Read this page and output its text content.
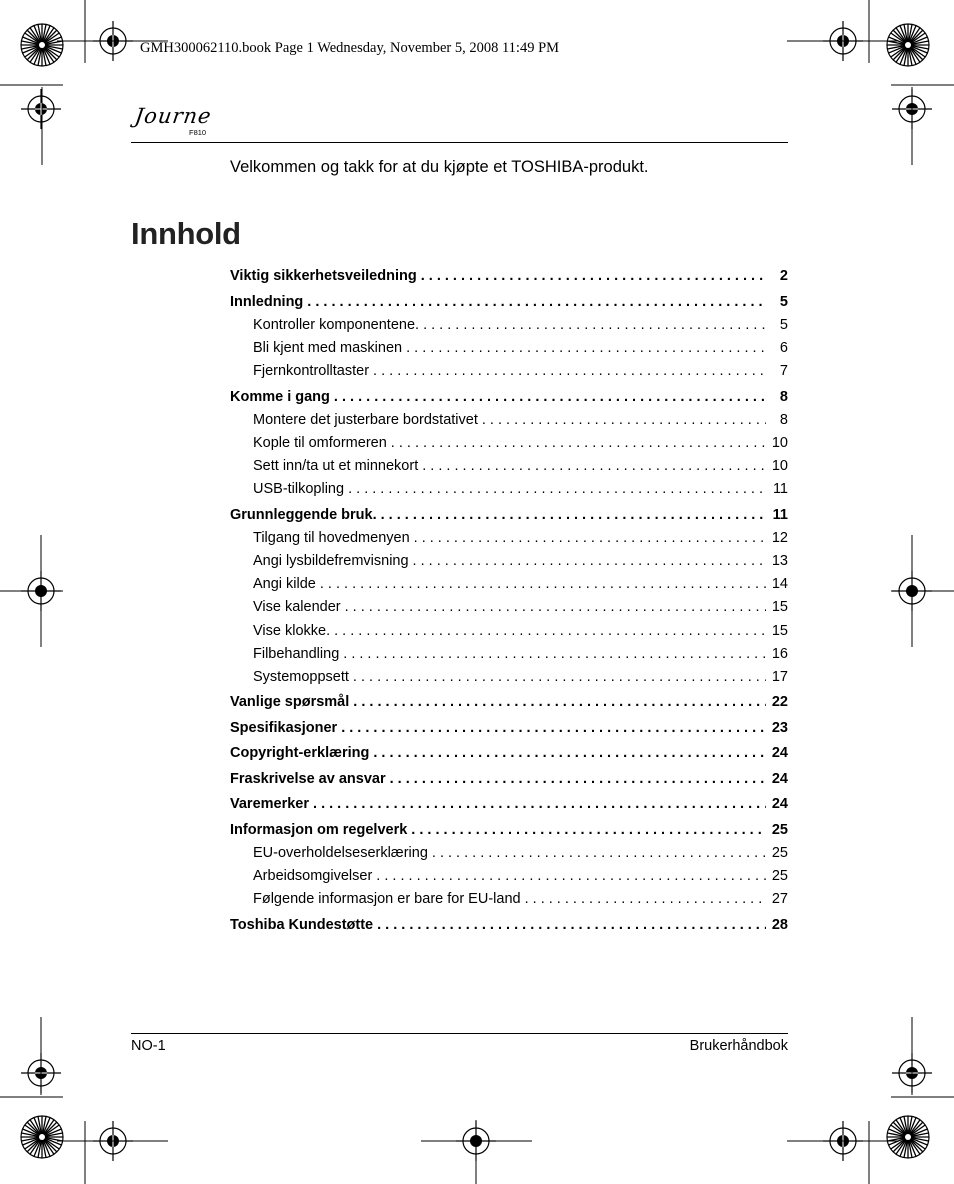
GMH300062110.book Page 1 Wednesday, November 5, 2008 11:49 PM
Journe
F810
Velkommen og takk for at du kjøpte et TOSHIBA-produkt.
Innhold
Viktig sikkerhetsveiledning . . .	2
Innledning . . .	5
Kontroller komponentene. . . .	5
Bli kjent med maskinen . . .	6
Fjernkontrolltaster . . .	7
Komme i gang . . .	8
Montere det justerbare bordstativet . . .	8
Kople til omformeren . . .	10
Sett inn/ta ut et minnekort . . .	10
USB-tilkopling . . .	11
Grunnleggende bruk. . . .	11
Tilgang til hovedmenyen . . .	12
Angi lysbildefremvisning . . .	13
Angi kilde . . .	14
Vise kalender . . .	15
Vise klokke. . . .	15
Filbehandling . . .	16
Systemoppsett . . .	17
Vanlige spørsmål . . .	22
Spesifikasjoner . . .	23
Copyright-erklæring . . .	24
Fraskrivelse av ansvar . . .	24
Varemerker . . .	24
Informasjon om regelverk . . .	25
EU-overholdelseserklæring . . .	25
Arbeidsomgivelser . . .	25
Følgende informasjon er bare for EU-land . . .	27
Toshiba Kundestøtte . . .	28
NO-1	Brukerhåndbok
